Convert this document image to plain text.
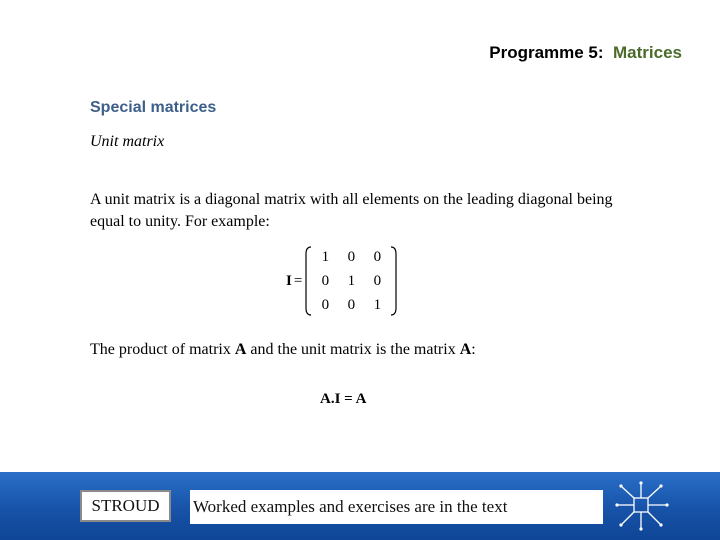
Programme 5: Matrices
Special matrices
Unit matrix
A unit matrix is a diagonal matrix with all elements on the leading diagonal being equal to unity. For example:
I =
1 0 0
0 1 0
0 0 1
The product of matrix A and the unit matrix is the matrix A:
A.I = A
STROUD	Worked examples and exercises are in the text
